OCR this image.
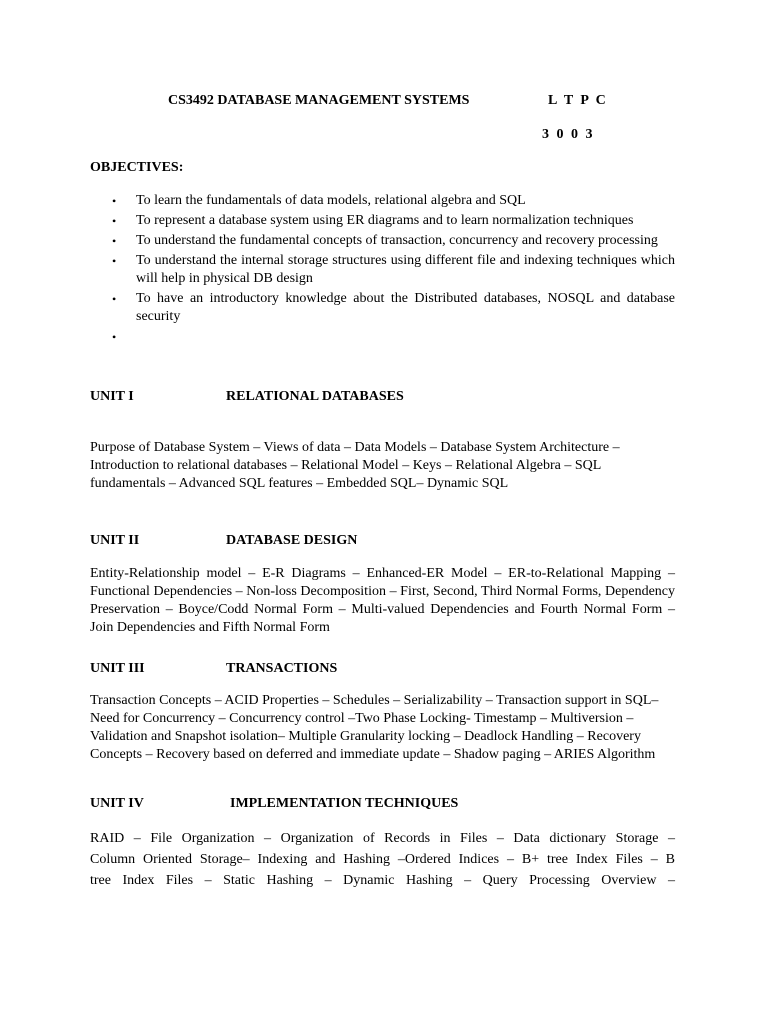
CS3492 DATABASE MANAGEMENT SYSTEMS	L T P C
3 0 0 3
OBJECTIVES:
• To learn the fundamentals of data models, relational algebra and SQL
• To represent a database system using ER diagrams and to learn normalization techniques
• To understand the fundamental concepts of transaction, concurrency and recovery processing
• To understand the internal storage structures using different file and indexing techniques which will help in physical DB design
• To have an introductory knowledge about the Distributed databases, NOSQL and database security
•
UNIT I	RELATIONAL DATABASES
Purpose of Database System – Views of data – Data Models – Database System Architecture – Introduction to relational databases – Relational Model – Keys – Relational Algebra – SQL fundamentals – Advanced SQL features – Embedded SQL– Dynamic SQL
UNIT II	DATABASE DESIGN
Entity-Relationship model – E-R Diagrams – Enhanced-ER Model – ER-to-Relational Mapping –Functional Dependencies – Non-loss Decomposition – First, Second, Third Normal Forms, Dependency Preservation – Boyce/Codd Normal Form – Multi-valued Dependencies and Fourth Normal Form – Join Dependencies and Fifth Normal Form
UNIT III	TRANSACTIONS
Transaction Concepts – ACID Properties – Schedules – Serializability – Transaction support in SQL– Need for Concurrency – Concurrency control –Two Phase Locking- Timestamp – Multiversion –Validation and Snapshot isolation– Multiple Granularity locking – Deadlock Handling – Recovery Concepts – Recovery based on deferred and immediate update – Shadow paging – ARIES Algorithm
UNIT IV	IMPLEMENTATION TECHNIQUES
RAID – File Organization – Organization of Records in Files – Data dictionary Storage –
Column Oriented Storage– Indexing and Hashing –Ordered Indices – B+ tree Index Files – B
tree Index Files – Static Hashing – Dynamic Hashing – Query Processing Overview –
